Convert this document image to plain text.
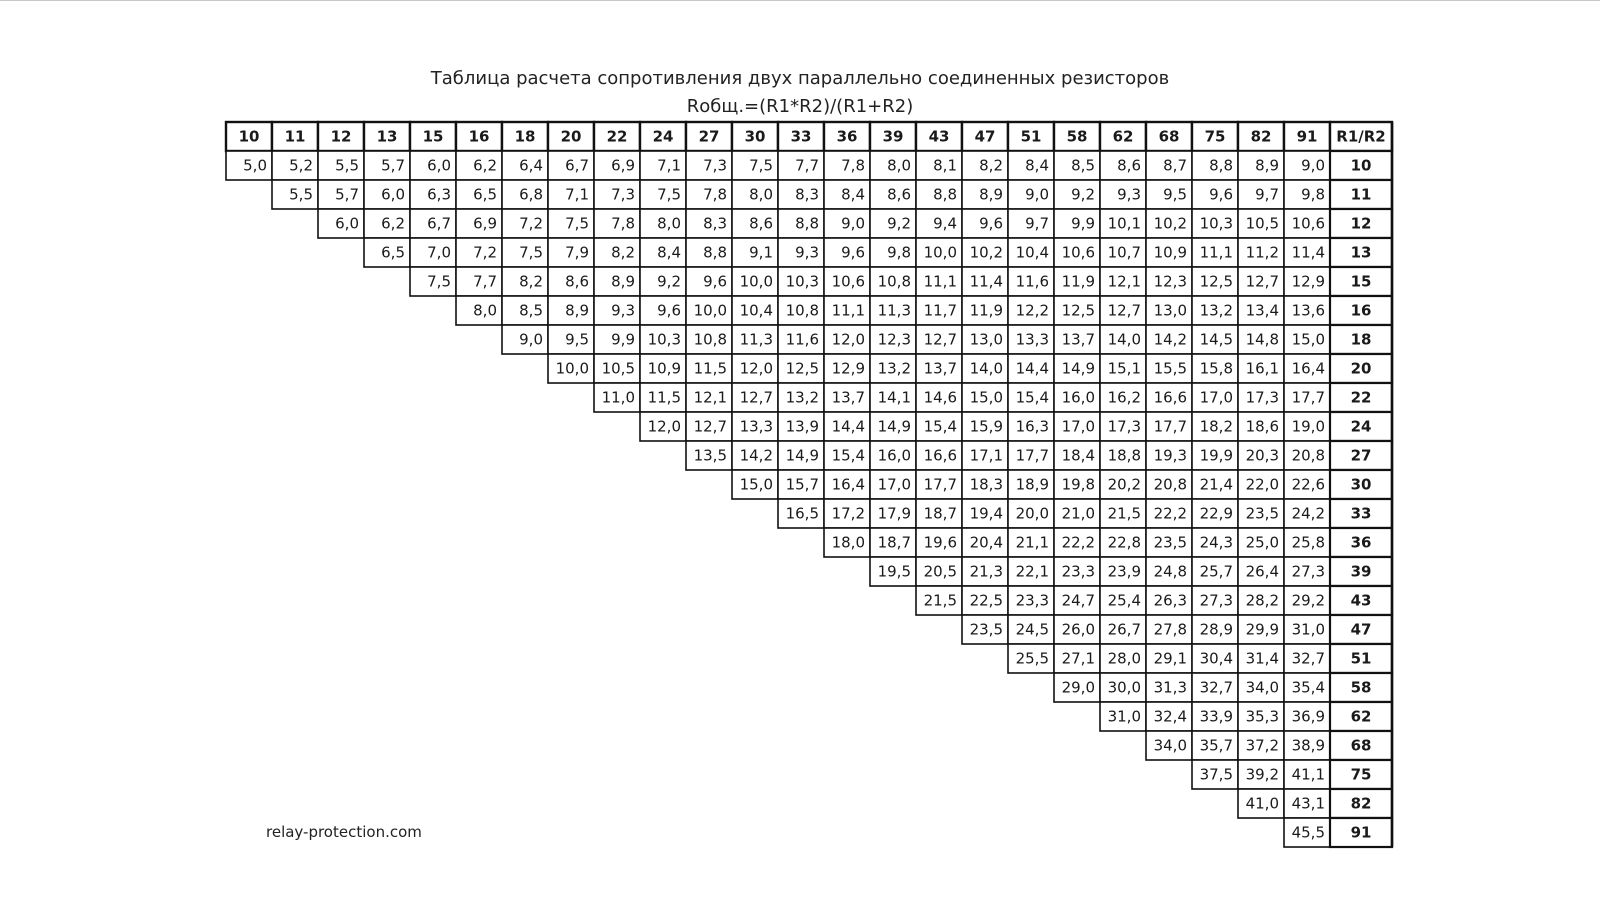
Таблица расчета сопротивления двух параллельно соединенных резисторов
Rобщ.=(R1*R2)/(R1+R2)
10 11 12 13 15 16 18 20 22 24 27 30 33 36 39 43 47 51 58 62 68 75 82 91 R1/R2
5,0 5,2 5,5 5,7 6,0 6,2 6,4 6,7 6,9 7,1 7,3 7,5 7,7 7,8 8,0 8,1 8,2 8,4 8,5 8,6 8,7 8,8 8,9 9,0 10
5,5 5,7 6,0 6,3 6,5 6,8 7,1 7,3 7,5 7,8 8,0 8,3 8,4 8,6 8,8 8,9 9,0 9,2 9,3 9,5 9,6 9,7 9,8 11
6,0 6,2 6,7 6,9 7,2 7,5 7,8 8,0 8,3 8,6 8,8 9,0 9,2 9,4 9,6 9,7 9,9 10,1 10,2 10,3 10,5 10,6 12
6,5 7,0 7,2 7,5 7,9 8,2 8,4 8,8 9,1 9,3 9,6 9,8 10,0 10,2 10,4 10,6 10,7 10,9 11,1 11,2 11,4 13
7,5 7,7 8,2 8,6 8,9 9,2 9,6 10,0 10,3 10,6 10,8 11,1 11,4 11,6 11,9 12,1 12,3 12,5 12,7 12,9 15
8,0 8,5 8,9 9,3 9,6 10,0 10,4 10,8 11,1 11,3 11,7 11,9 12,2 12,5 12,7 13,0 13,2 13,4 13,6 16
9,0 9,5 9,9 10,3 10,8 11,3 11,6 12,0 12,3 12,7 13,0 13,3 13,7 14,0 14,2 14,5 14,8 15,0 18
10,0 10,5 10,9 11,5 12,0 12,5 12,9 13,2 13,7 14,0 14,4 14,9 15,1 15,5 15,8 16,1 16,4 20
11,0 11,5 12,1 12,7 13,2 13,7 14,1 14,6 15,0 15,4 16,0 16,2 16,6 17,0 17,3 17,7 22
12,0 12,7 13,3 13,9 14,4 14,9 15,4 15,9 16,3 17,0 17,3 17,7 18,2 18,6 19,0 24
13,5 14,2 14,9 15,4 16,0 16,6 17,1 17,7 18,4 18,8 19,3 19,9 20,3 20,8 27
15,0 15,7 16,4 17,0 17,7 18,3 18,9 19,8 20,2 20,8 21,4 22,0 22,6 30
16,5 17,2 17,9 18,7 19,4 20,0 21,0 21,5 22,2 22,9 23,5 24,2 33
18,0 18,7 19,6 20,4 21,1 22,2 22,8 23,5 24,3 25,0 25,8 36
19,5 20,5 21,3 22,1 23,3 23,9 24,8 25,7 26,4 27,3 39
21,5 22,5 23,3 24,7 25,4 26,3 27,3 28,2 29,2 43
23,5 24,5 26,0 26,7 27,8 28,9 29,9 31,0 47
25,5 27,1 28,0 29,1 30,4 31,4 32,7 51
29,0 30,0 31,3 32,7 34,0 35,4 58
31,0 32,4 33,9 35,3 36,9 62
34,0 35,7 37,2 38,9 68
37,5 39,2 41,1 75
41,0 43,1 82
45,5 91
relay-protection.com
